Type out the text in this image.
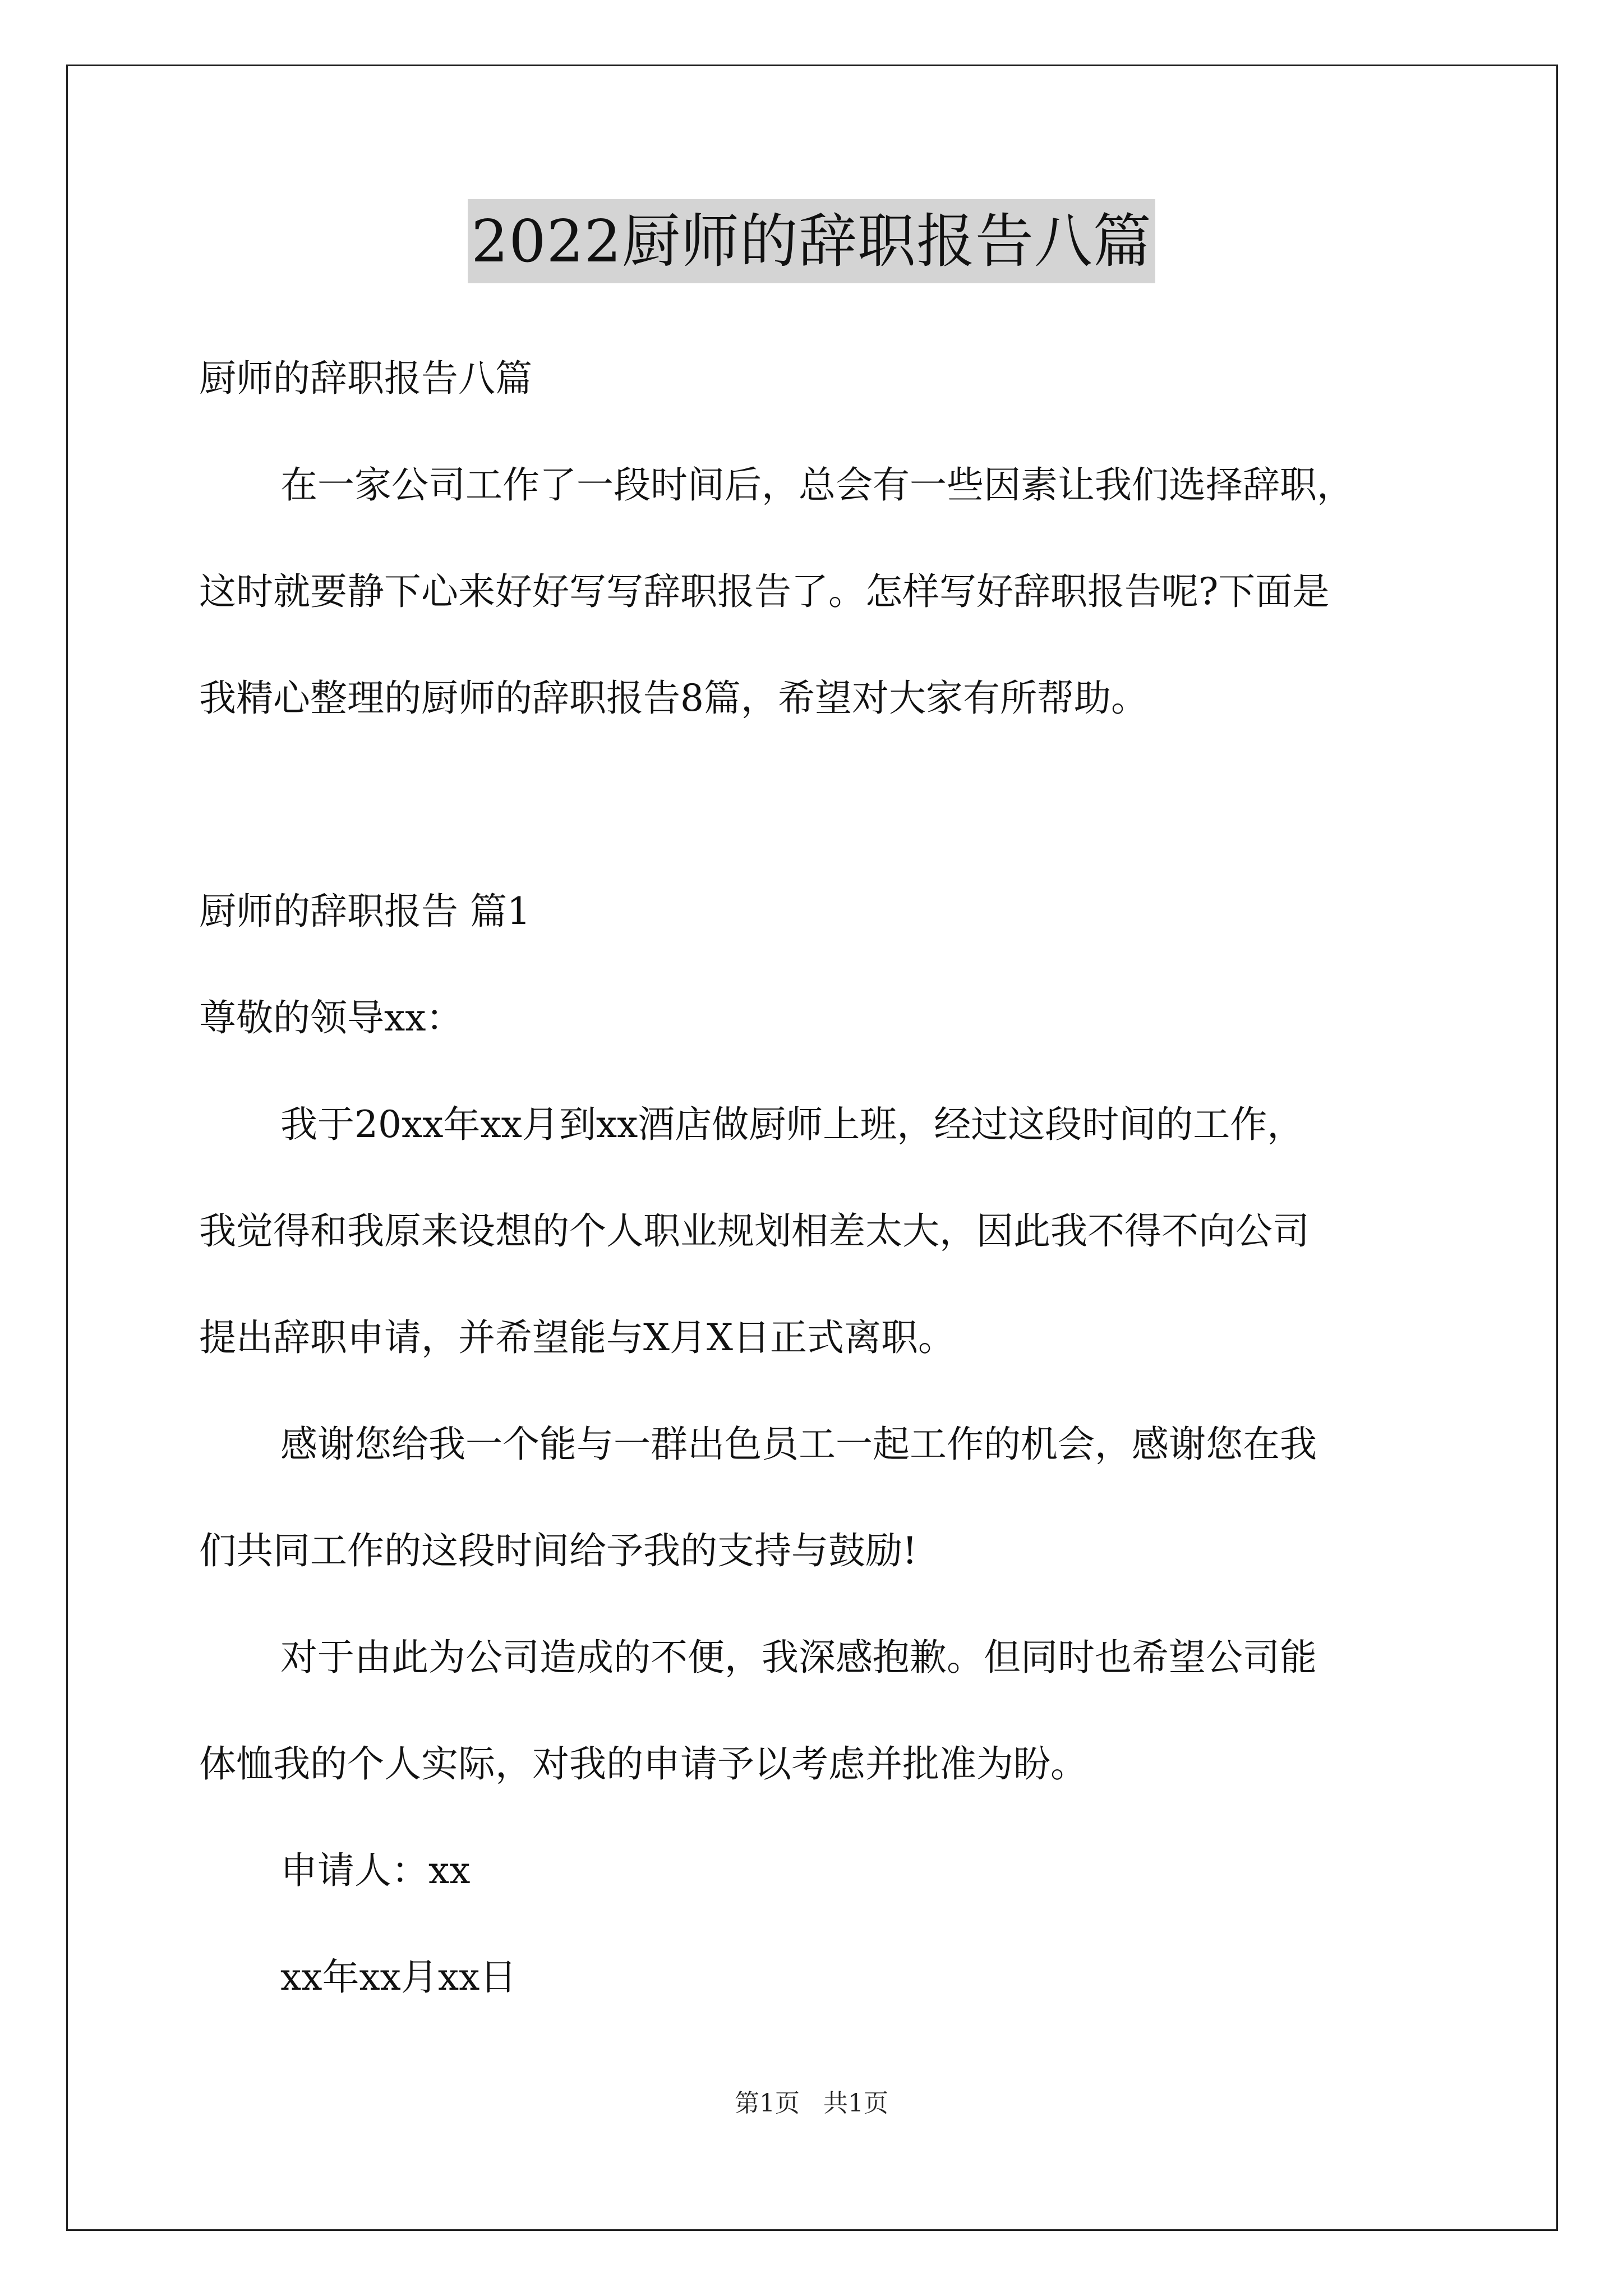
2022厨师的辞职报告八篇
厨师的辞职报告八篇
在一家公司工作了一段时间后，总会有一些因素让我们选择辞职，
这时就要静下心来好好写写辞职报告了。怎样写好辞职报告呢?下面是
我精心整理的厨师的辞职报告8篇，希望对大家有所帮助。
厨师的辞职报告 篇1
尊敬的领导xx：
我于20xx年xx月到xx酒店做厨师上班，经过这段时间的工作，
我觉得和我原来设想的个人职业规划相差太大，因此我不得不向公司
提出辞职申请，并希望能与X月X日正式离职。
感谢您给我一个能与一群出色员工一起工作的机会，感谢您在我
们共同工作的这段时间给予我的支持与鼓励!
对于由此为公司造成的不便，我深感抱歉。但同时也希望公司能
体恤我的个人实际，对我的申请予以考虑并批准为盼。
申请人：xx
xx年xx月xx日
第1页   共1页
